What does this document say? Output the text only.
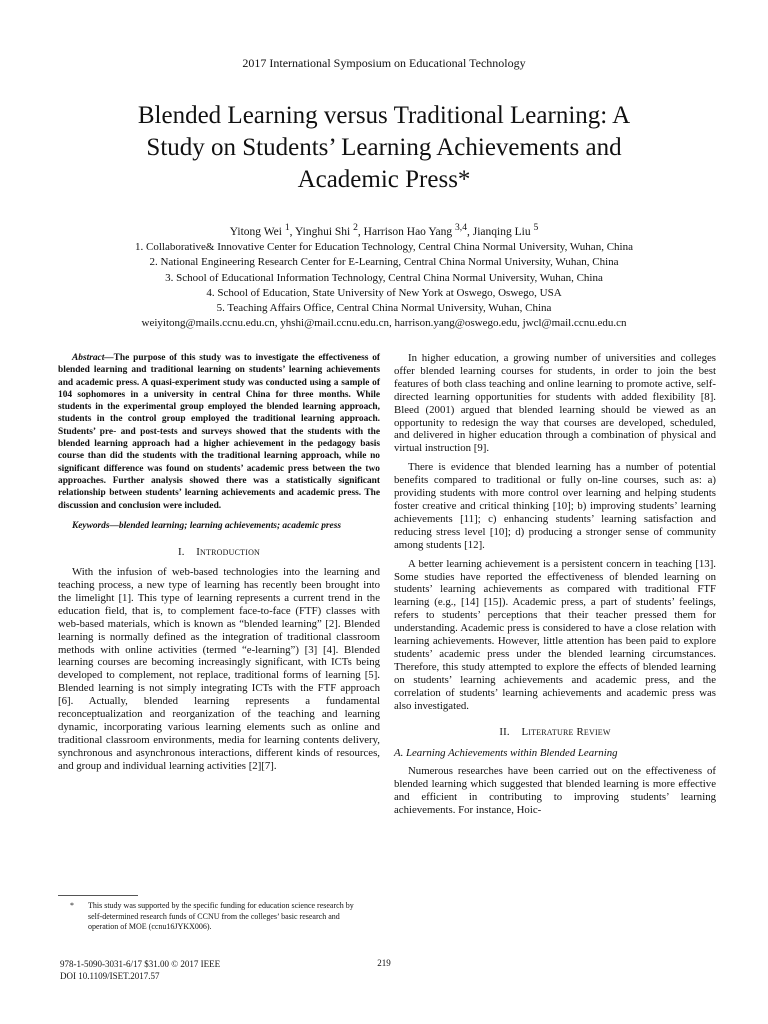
2017 International Symposium on Educational Technology
Blended Learning versus Traditional Learning: A
Study on Students’ Learning Achievements and
Academic Press*
Yitong Wei $^1$, Yinghui Shi $^2$, Harrison Hao Yang $^{3,4}$, Jianqing Liu $^5$
1. Collaborative& Innovative Center for Education Technology, Central China Normal University, Wuhan, China
2. National Engineering Research Center for E-Learning, Central China Normal University, Wuhan, China
3. School of Educational Information Technology, Central China Normal University, Wuhan, China
4. School of Education, State University of New York at Oswego, Oswego, USA
5. Teaching Affairs Office, Central China Normal University, Wuhan, China
weiyitong@mails.ccnu.edu.cn, yhshi@mail.ccnu.edu.cn, harrison.yang@oswego.edu, jwcl@mail.ccnu.edu.cn

Abstract—The purpose of this study was to investigate the effectiveness of blended learning and traditional learning on students’ learning achievements and academic press. A quasi-experiment study was conducted using a sample of 104 sophomores in a university in central China for three months. While students in the experimental group employed the blended learning approach, students in the control group employed the traditional learning approach. Students’ pre- and post-tests and surveys showed that the students with the blended learning approach had a higher achievement in the pedagogy basis course than did the students with the traditional learning approach, while no significant difference was found on students’ academic press between the two approaches. Further analysis showed there was a statistically significant relationship between students’ learning achievements and academic press. The discussion and conclusion were included.

Keywords—blended learning; learning achievements; academic press

I. Introduction

With the infusion of web-based technologies into the learning and teaching process, a new type of learning has recently been brought into the limelight [1]. This type of learning represents a current trend in the education field, that is, to complement face-to-face (FTF) classes with web-based materials, which is known as “blended learning” [2]. Blended learning is normally defined as the integration of traditional classroom methods with online activities (termed “e-learning”) [3] [4]. Blended learning courses are becoming increasingly significant, with ICTs being developed to complement, not replace, traditional forms of learning [5]. Blended learning is not simply integrating ICTs with the FTF approach [6]. Actually, blended learning represents a fundamental reconceptualization and reorganization of the teaching and learning dynamic, incorporating various learning elements such as online and traditional classroom environments, media for learning contents delivery, synchronous and asynchronous interactions, different kinds of resources, and group and individual learning activities [2][7].

In higher education, a growing number of universities and colleges offer blended learning courses for students, in order to join the best features of both class teaching and online learning to promote active, self-directed learning opportunities for students with added flexibility [8]. Bleed (2001) argued that blended learning should be viewed as an opportunity to redesign the way that courses are developed, scheduled, and delivered in higher education through a combination of physical and virtual instruction [9].

There is evidence that blended learning has a number of potential benefits compared to traditional or fully on-line courses, such as: a) providing students with more control over learning and helping students foster creative and critical thinking [10]; b) improving students’ learning achievements [11]; c) enhancing students’ learning satisfaction and reducing stress level [10]; d) producing a stronger sense of community among students [12].

A better learning achievement is a persistent concern in teaching [13]. Some studies have reported the effectiveness of blended learning on students’ learning achievements as compared with traditional FTF learning (e.g., [14] [15]). Academic press, a part of students’ feelings, refers to students’ perceptions that their teacher pressed them for understanding. Academic press is considered to have a close relation with learning achievements. However, little attention has been paid to explore students’ academic press under the blended learning circumstances. Therefore, this study attempted to explore the effects of blended learning on students’ learning achievements and academic press, and the correlation of students’ learning achievements and academic press was also investigated.

II. Literature Review
A. Learning Achievements within Blended Learning

Numerous researches have been carried out on the effectiveness of blended learning which suggested that blended learning is more effective and efficient in contributing to improving students’ learning achievements. For instance, Hoic-

* This study was supported by the specific funding for education science research by self-determined research funds of CCNU from the colleges’ basic research and operation of MOE (ccnu16JYKX006).
978-1-5090-3031-6/17 $31.00 © 2017 IEEE
DOI 10.1109/ISET.2017.57
219
